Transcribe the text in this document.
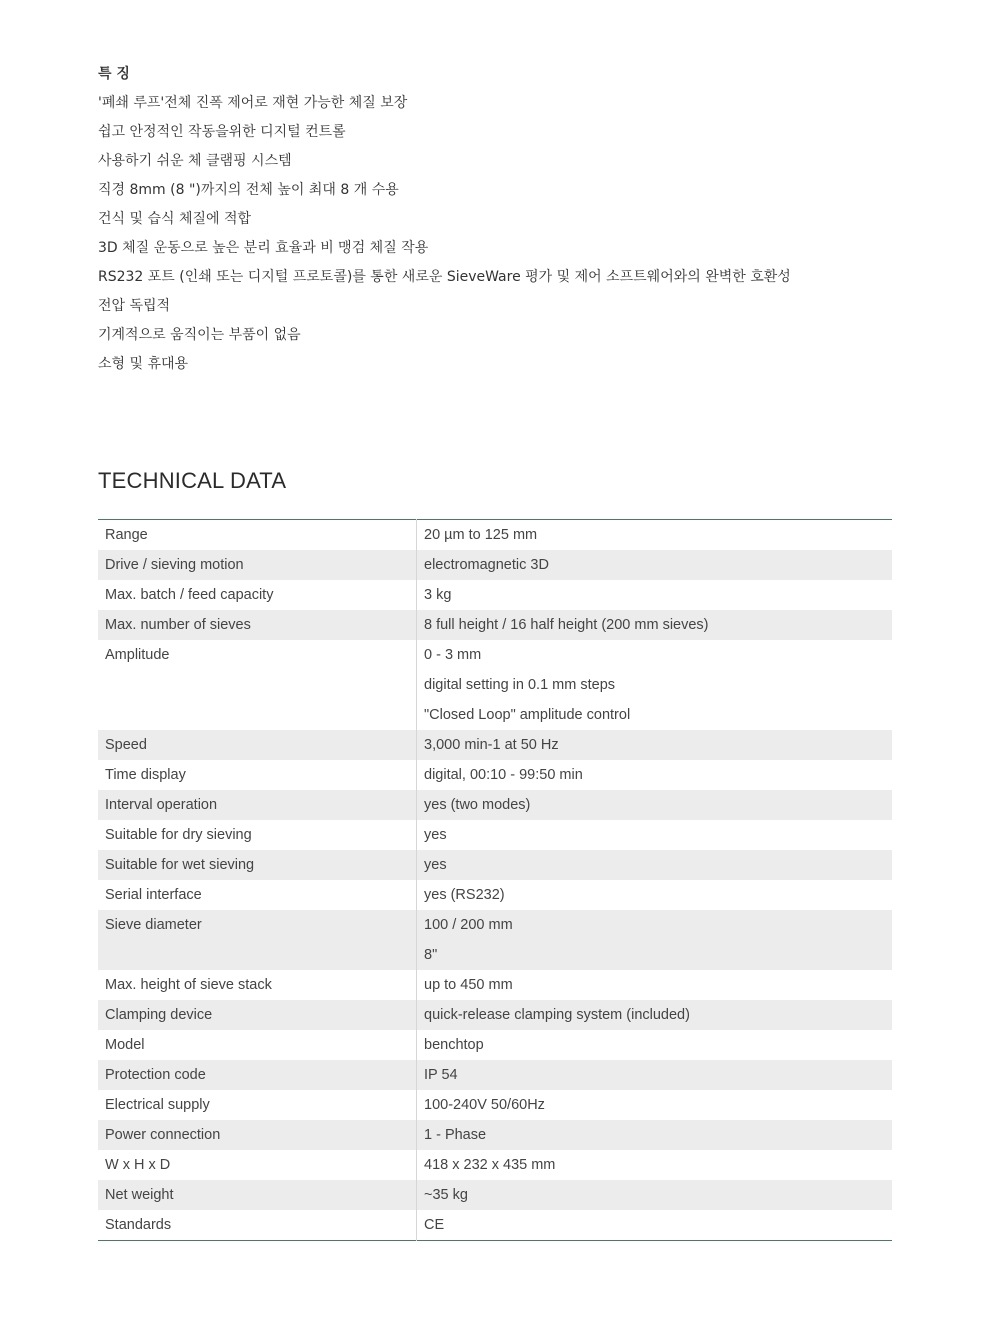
특 징
'폐쇄 루프'전체 진폭 제어로 재현 가능한 체질 보장
쉽고 안정적인 작동을위한 디지털 컨트롤
사용하기 쉬운 체 클램핑 시스템
직경 8mm (8 ")까지의 전체 높이 최대 8 개 수용
건식 및 습식 체질에 적합
3D 체질 운동으로 높은 분리 효율과 비 맹검 체질 작용
RS232 포트 (인쇄 또는 디지털 프로토콜)를 통한 새로운 SieveWare 평가 및 제어 소프트웨어와의 완벽한 호환성
전압 독립적
기계적으로 움직이는 부품이 없음
소형 및 휴대용
TECHNICAL DATA
Range	20 µm to 125 mm

Drive / sieving motion	electromagnetic 3D

Max. batch / feed capacity	3 kg

Max. number of sieves	8 full height / 16 half height (200 mm sieves)

Amplitude	0 - 3 mm
digital setting in 0.1 mm steps
"Closed Loop" amplitude control

Speed	3,000 min-1 at 50 Hz

Time display	digital, 00:10 - 99:50 min

Interval operation	yes (two modes)

Suitable for dry sieving	yes

Suitable for wet sieving	yes

Serial interface	yes (RS232)

Sieve diameter	100 / 200 mm
8"

Max. height of sieve stack	up to 450 mm

Clamping device	quick-release clamping system (included)

Model	benchtop

Protection code	IP 54

Electrical supply	100-240V 50/60Hz

Power connection	1 - Phase

W x H x D	418 x 232 x 435 mm

Net weight	~35 kg

Standards	CE
